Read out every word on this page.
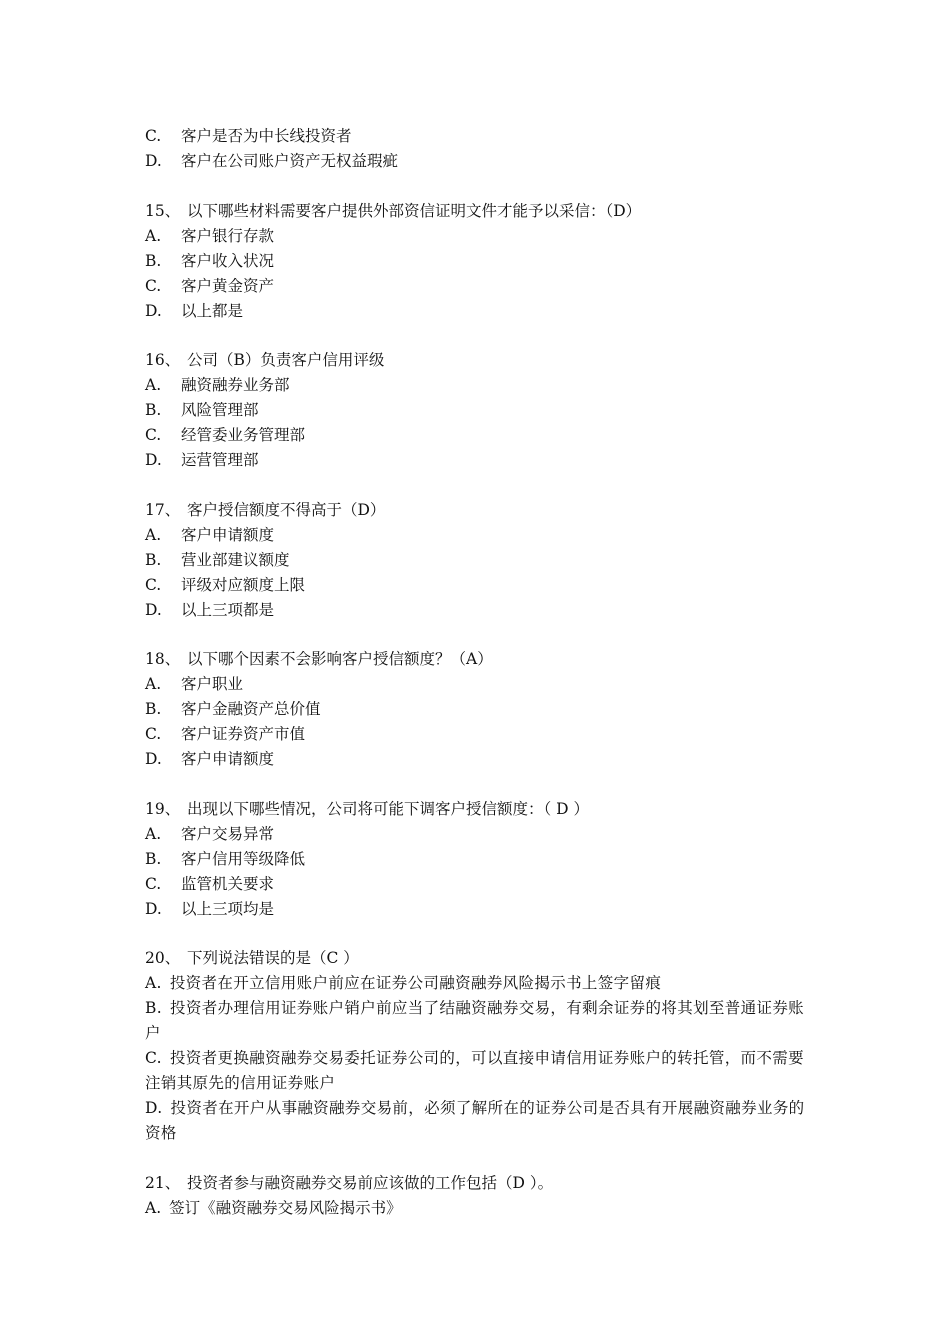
C. 客户是否为中长线投资者
D. 客户在公司账户资产无权益瑕疵
15、 以下哪些材料需要客户提供外部资信证明文件才能予以采信：（D）
A. 客户银行存款
B. 客户收入状况
C. 客户黄金资产
D. 以上都是
16、 公司（B）负责客户信用评级
A. 融资融券业务部
B. 风险管理部
C. 经管委业务管理部
D. 运营管理部
17、 客户授信额度不得高于（D）
A. 客户申请额度
B. 营业部建议额度
C. 评级对应额度上限
D. 以上三项都是
18、 以下哪个因素不会影响客户授信额度？（A）
A. 客户职业
B. 客户金融资产总价值
C. 客户证券资产市值
D. 客户申请额度
19、 出现以下哪些情况，公司将可能下调客户授信额度：（ D ）
A. 客户交易异常
B. 客户信用等级降低
C. 监管机关要求
D. 以上三项均是
20、 下列说法错误的是（C ）
A. 投资者在开立信用账户前应在证券公司融资融券风险揭示书上签字留痕
B. 投资者办理信用证券账户销户前应当了结融资融券交易，有剩余证券的将其划至普通证券账户
C. 投资者更换融资融券交易委托证券公司的，可以直接申请信用证券账户的转托管，而不需要注销其原先的信用证券账户
D. 投资者在开户从事融资融券交易前，必须了解所在的证券公司是否具有开展融资融券业务的资格
21、 投资者参与融资融券交易前应该做的工作包括（D ）。
A. 签订《融资融券交易风险揭示书》
